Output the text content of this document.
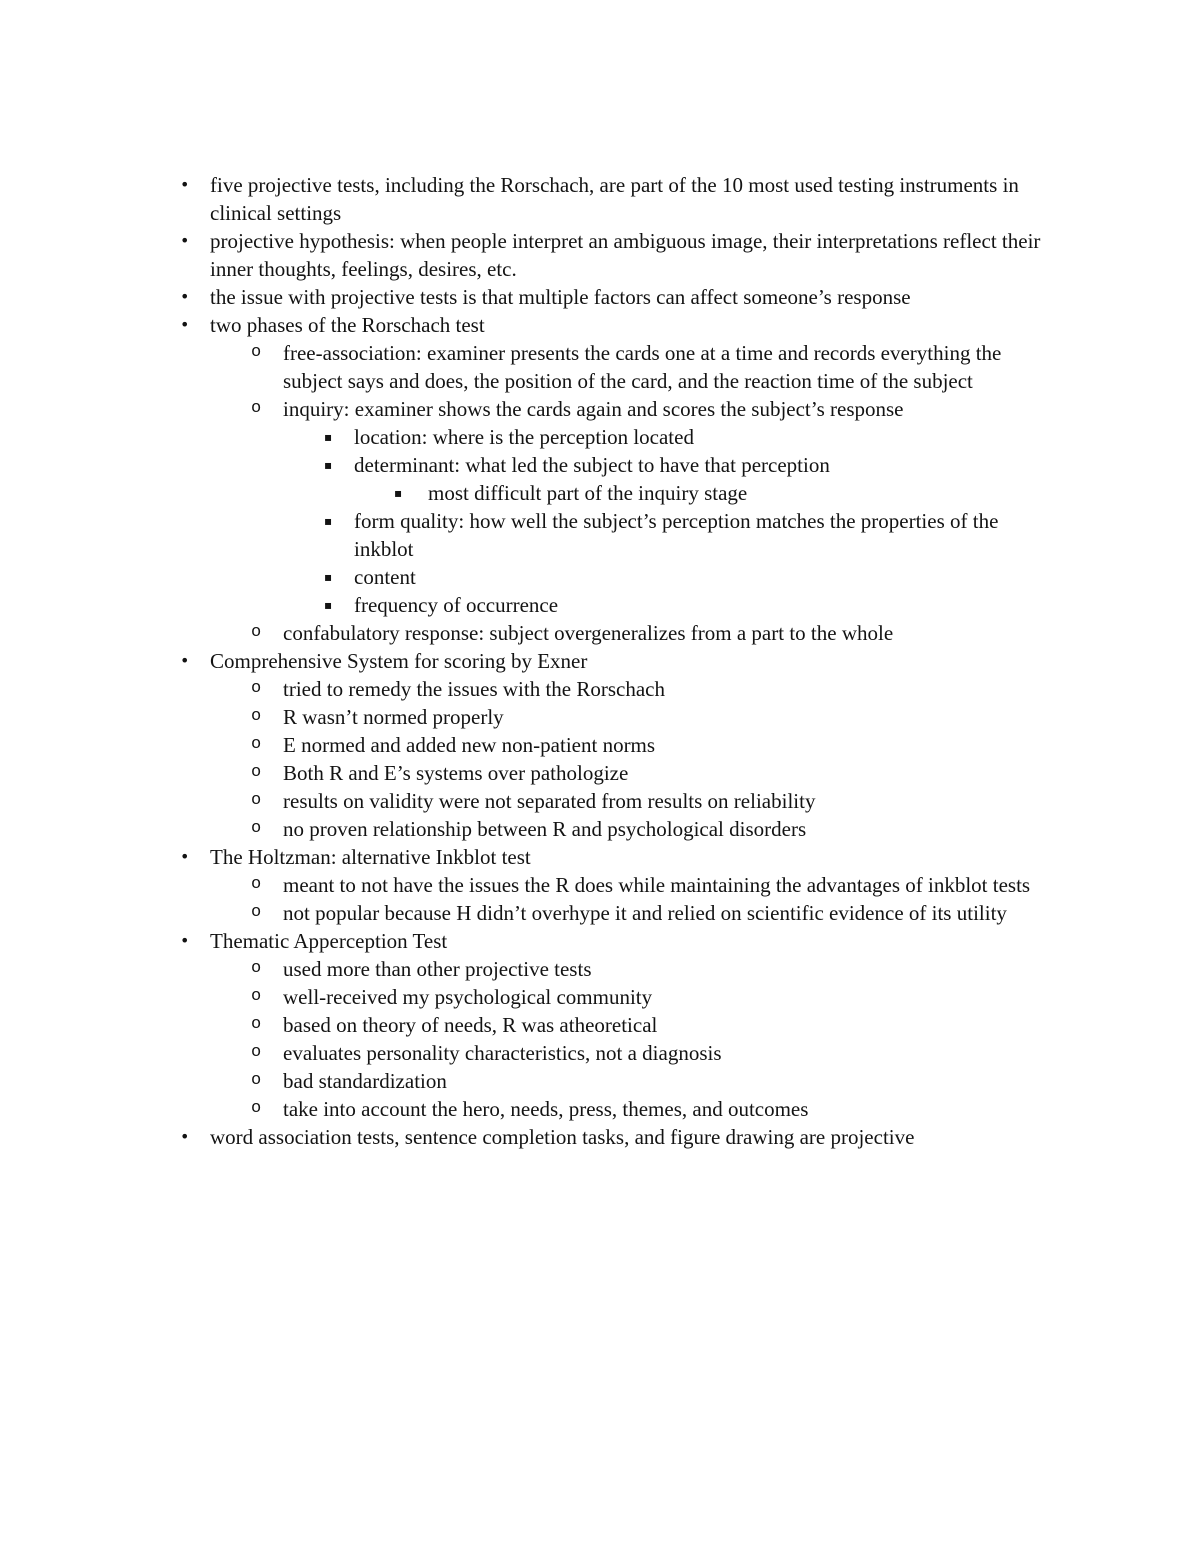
• five projective tests, including the Rorschach, are part of the 10 most used testing instruments in clinical settings
• projective hypothesis: when people interpret an ambiguous image, their interpretations reflect their inner thoughts, feelings, desires, etc.
• the issue with projective tests is that multiple factors can affect someone’s response
• two phases of the Rorschach test
o free-association: examiner presents the cards one at a time and records everything the subject says and does, the position of the card, and the reaction time of the subject
o inquiry: examiner shows the cards again and scores the subject’s response
▪ location: where is the perception located
▪ determinant: what led the subject to have that perception
▪ most difficult part of the inquiry stage
▪ form quality: how well the subject’s perception matches the properties of the inkblot
▪ content
▪ frequency of occurrence
o confabulatory response: subject overgeneralizes from a part to the whole
• Comprehensive System for scoring by Exner
o tried to remedy the issues with the Rorschach
o R wasn’t normed properly
o E normed and added new non-patient norms
o Both R and E’s systems over pathologize
o results on validity were not separated from results on reliability
o no proven relationship between R and psychological disorders
• The Holtzman: alternative Inkblot test
o meant to not have the issues the R does while maintaining the advantages of inkblot tests
o not popular because H didn’t overhype it and relied on scientific evidence of its utility
• Thematic Apperception Test
o used more than other projective tests
o well-received my psychological community
o based on theory of needs, R was atheoretical
o evaluates personality characteristics, not a diagnosis
o bad standardization
o take into account the hero, needs, press, themes, and outcomes
• word association tests, sentence completion tasks, and figure drawing are projective
